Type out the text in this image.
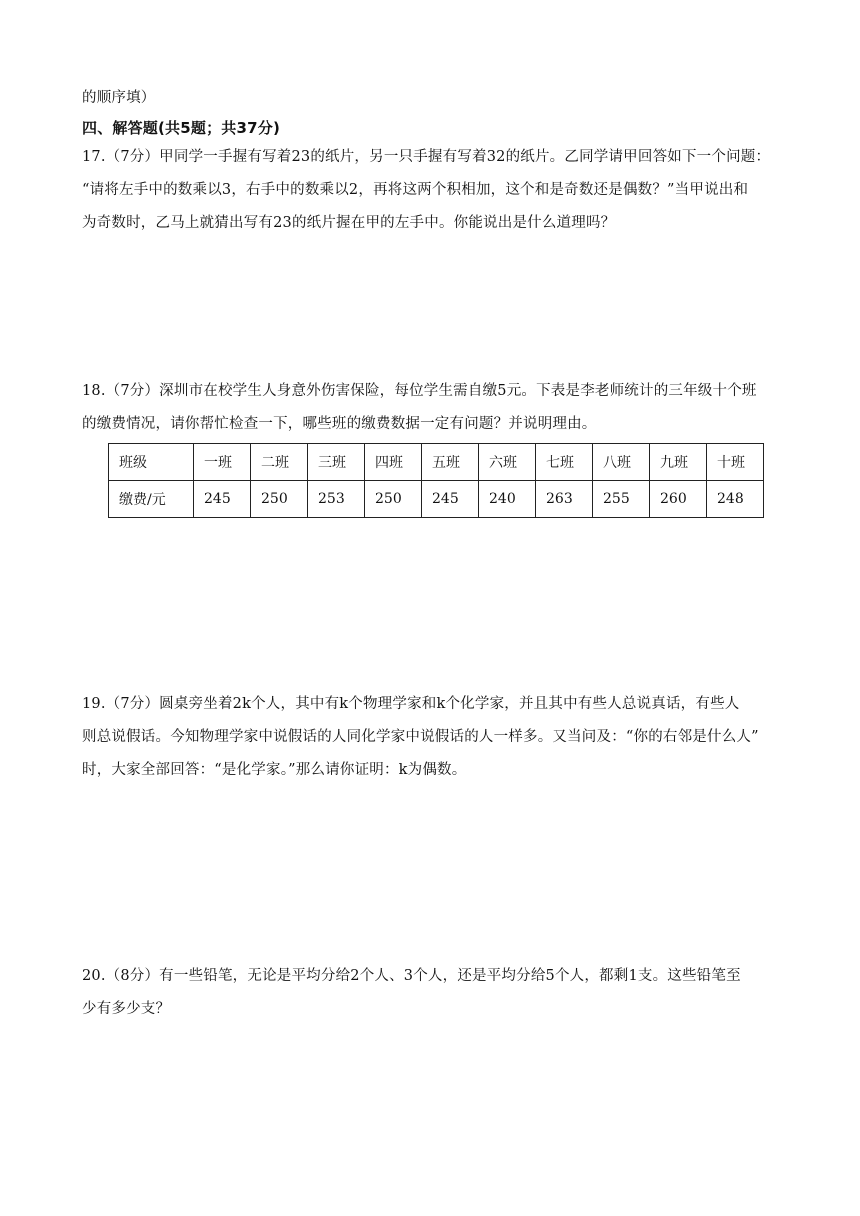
的顺序填）
四、解答题(共5题；共37分)
17.（7分）甲同学一手握有写着23的纸片，另一只手握有写着32的纸片。乙同学请甲回答如下一个问题：
“请将左手中的数乘以3，右手中的数乘以2，再将这两个积相加，这个和是奇数还是偶数？”当甲说出和
为奇数时，乙马上就猜出写有23的纸片握在甲的左手中。你能说出是什么道理吗？
18.（7分）深圳市在校学生人身意外伤害保险，每位学生需自缴5元。下表是李老师统计的三年级十个班
的缴费情况，请你帮忙检查一下，哪些班的缴费数据一定有问题？并说明理由。
班级	一班	二班	三班	四班	五班	六班	七班	八班	九班	十班
缴费/元	245	250	253	250	245	240	263	255	260	248
19.（7分）圆桌旁坐着2k个人，其中有k个物理学家和k个化学家，并且其中有些人总说真话，有些人
则总说假话。今知物理学家中说假话的人同化学家中说假话的人一样多。又当问及：“你的右邻是什么人”
时，大家全部回答：“是化学家。”那么请你证明：k为偶数。
20.（8分）有一些铅笔，无论是平均分给2个人、3个人，还是平均分给5个人，都剩1支。这些铅笔至
少有多少支？
